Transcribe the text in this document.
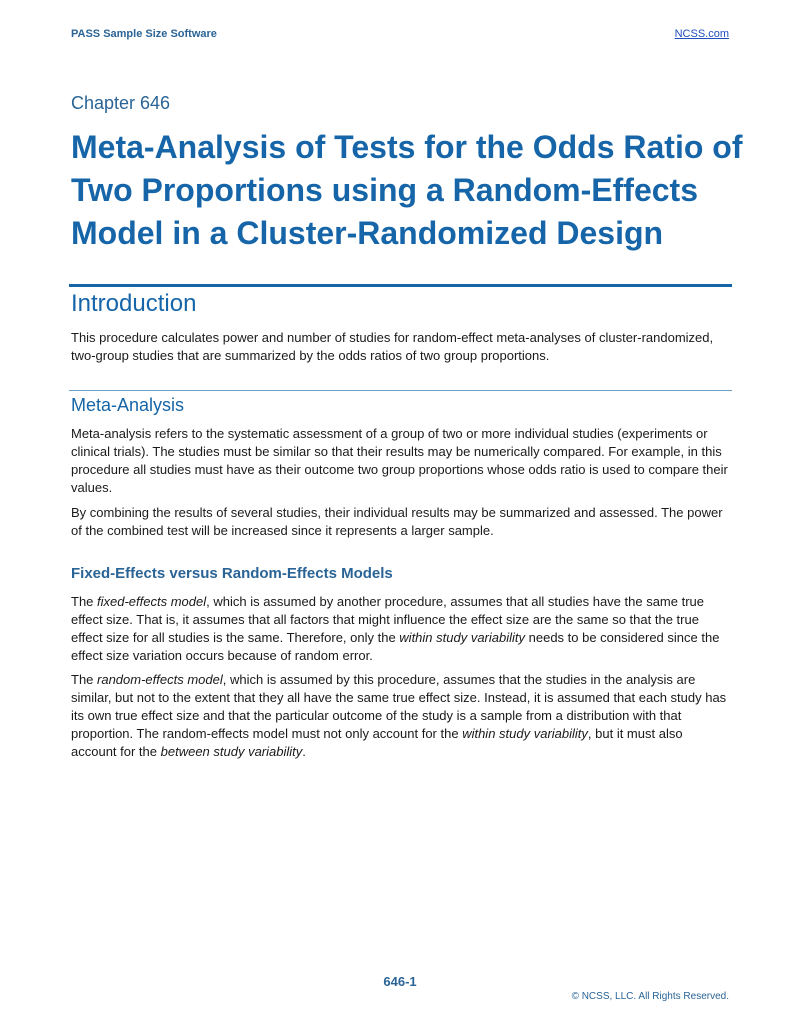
PASS Sample Size Software	NCSS.com
Chapter 646
Meta-Analysis of Tests for the Odds Ratio of Two Proportions using a Random-Effects Model in a Cluster-Randomized Design
Introduction

This procedure calculates power and number of studies for random-effect meta-analyses of cluster-randomized, two-group studies that are summarized by the odds ratios of two group proportions.

Meta-Analysis

Meta-analysis refers to the systematic assessment of a group of two or more individual studies (experiments or clinical trials). The studies must be similar so that their results may be numerically compared. For example, in this procedure all studies must have as their outcome two group proportions whose odds ratio is used to compare their values.

By combining the results of several studies, their individual results may be summarized and assessed. The power of the combined test will be increased since it represents a larger sample.

Fixed-Effects versus Random-Effects Models

The fixed-effects model, which is assumed by another procedure, assumes that all studies have the same true effect size. That is, it assumes that all factors that might influence the effect size are the same so that the true effect size for all studies is the same. Therefore, only the within study variability needs to be considered since the effect size variation occurs because of random error.

The random-effects model, which is assumed by this procedure, assumes that the studies in the analysis are similar, but not to the extent that they all have the same true effect size. Instead, it is assumed that each study has its own true effect size and that the particular outcome of the study is a sample from a distribution with that proportion. The random-effects model must not only account for the within study variability, but it must also account for the between study variability.

646-1
© NCSS, LLC. All Rights Reserved.
